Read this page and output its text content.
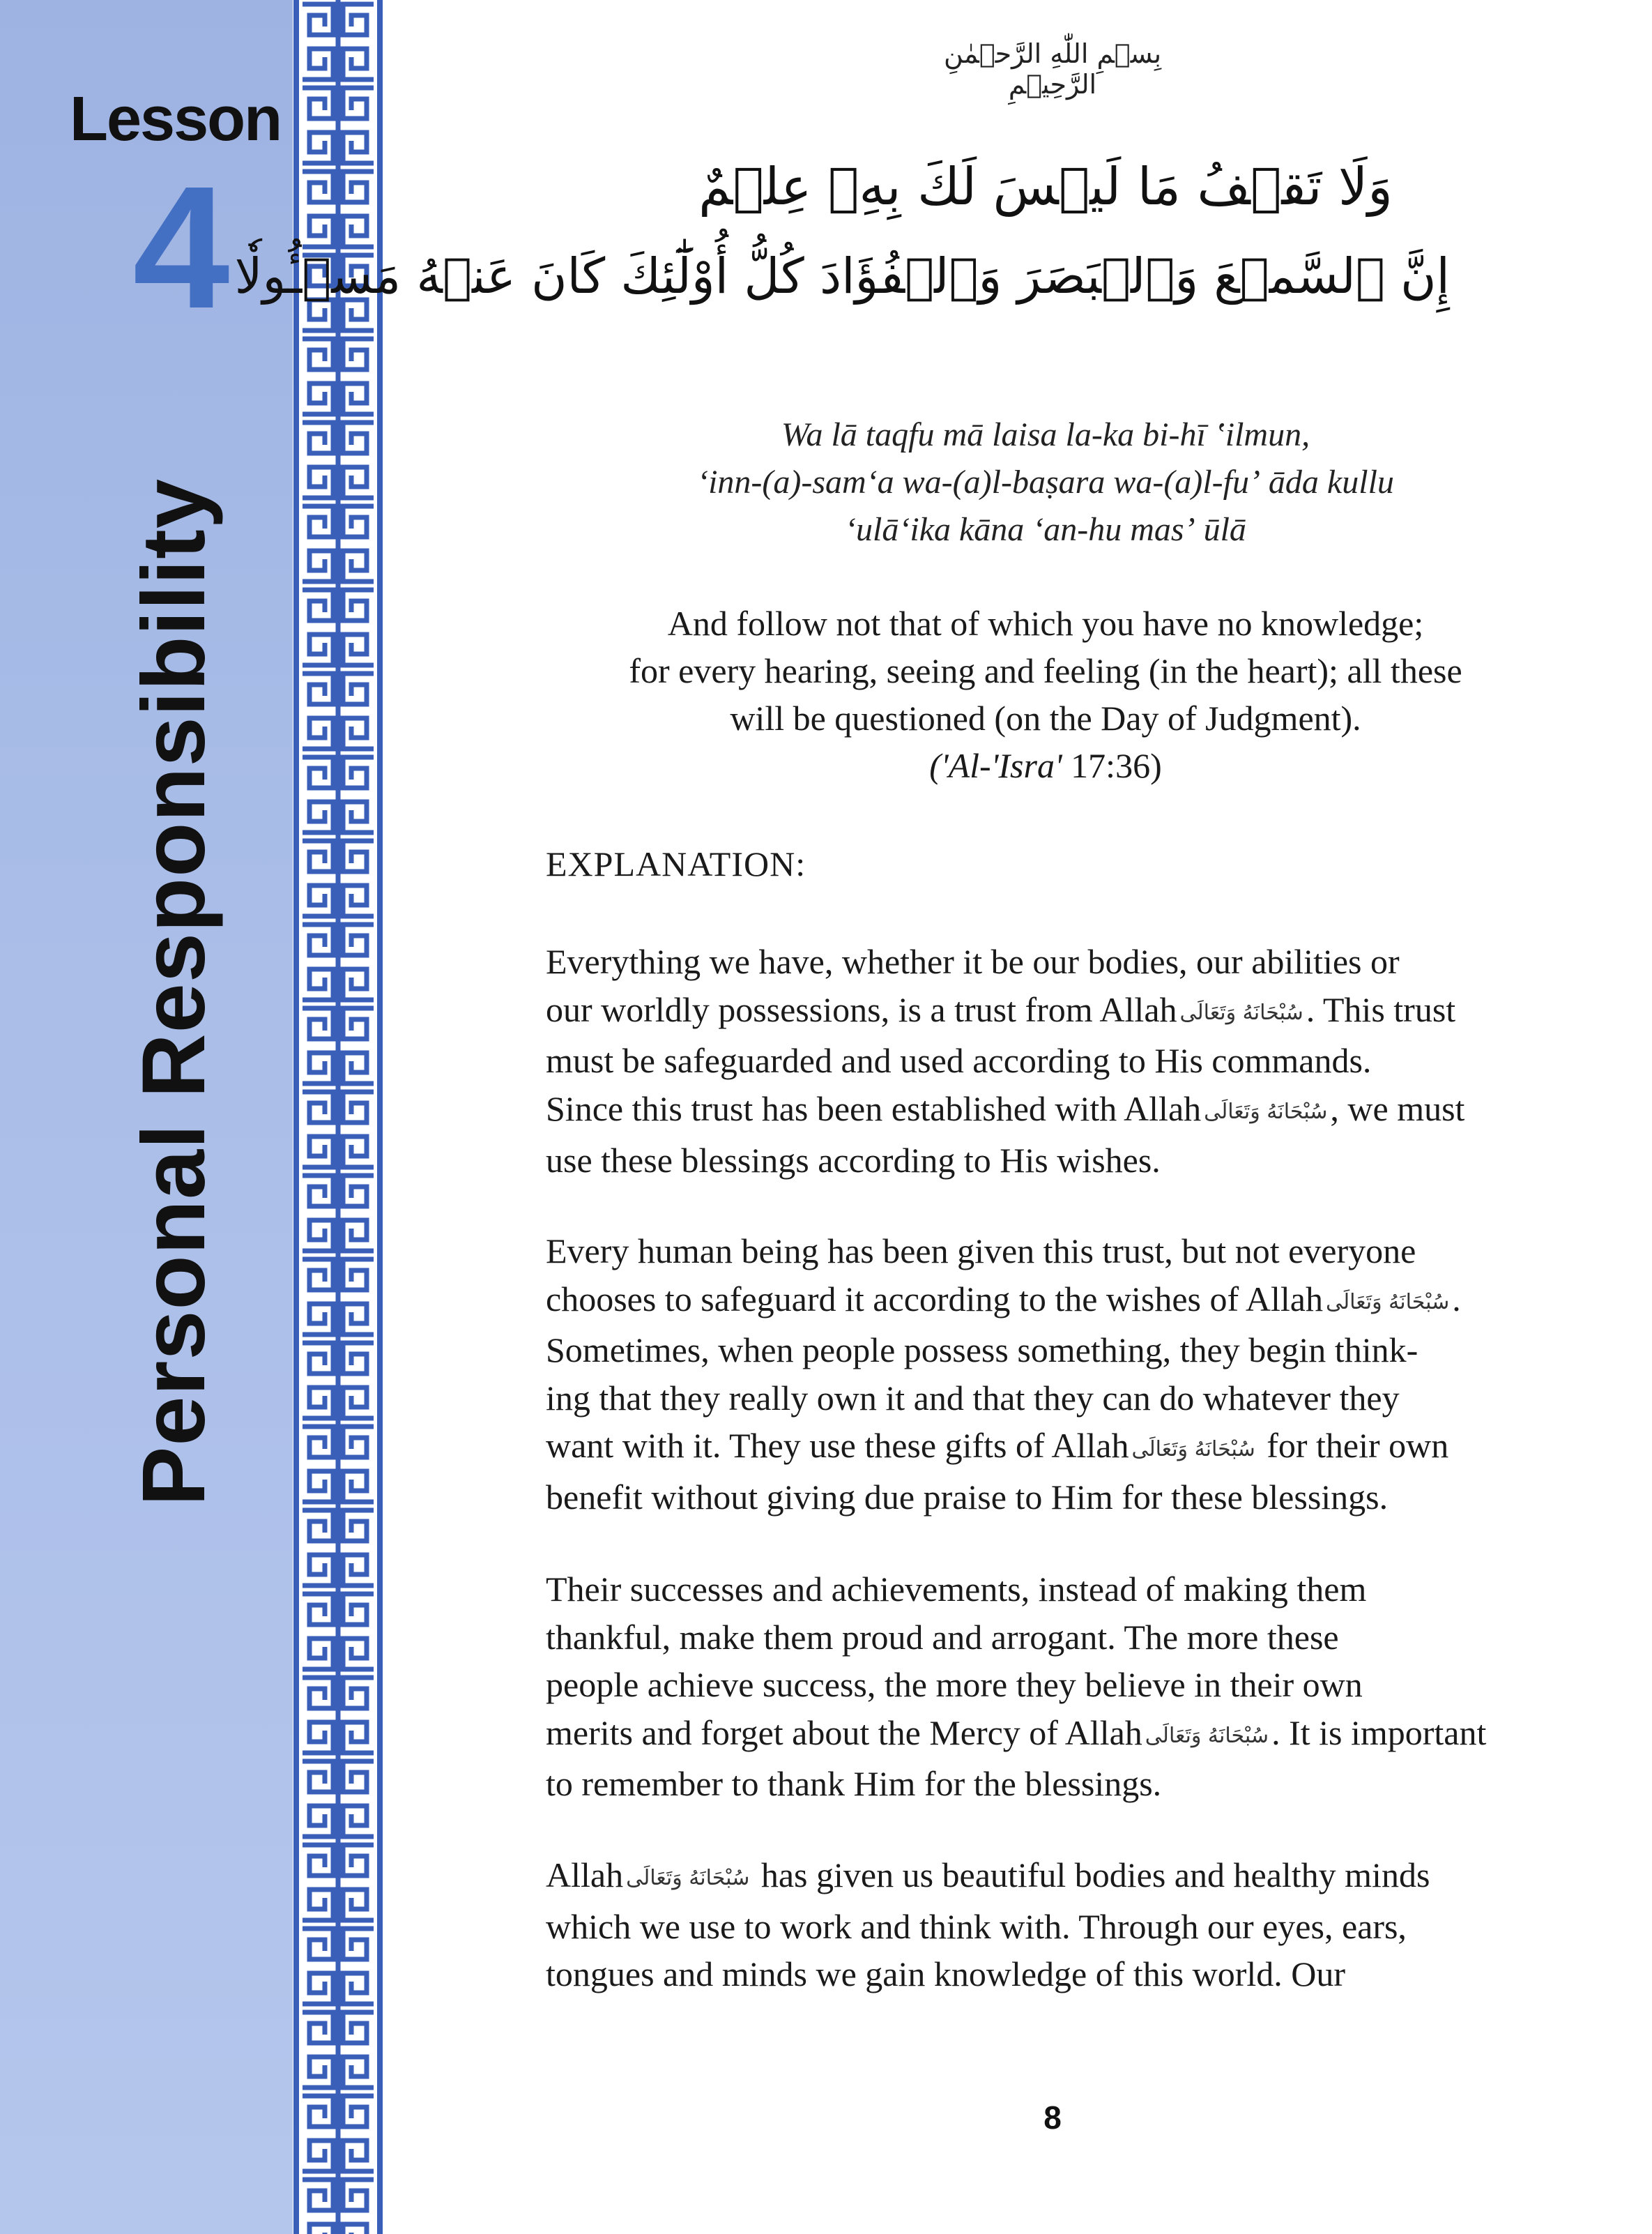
Lesson
4
Personal Responsibility
بِسۡمِ اللّٰهِ الرَّحۡمٰنِ الرَّحِيۡمِ
وَلَا تَقۡفُ مَا لَيۡسَ لَكَ بِهِۦ عِلۡمٌ
إِنَّ ٱلسَّمۡعَ وَٱلۡبَصَرَ وَٱلۡفُؤَادَ كُلُّ أُوْلَٰٓئِكَ كَانَ عَنۡهُ مَسۡـُٔولٗا
Wa lā taqfu mā laisa la-ka bi-hī ʽilmun,
ʻinn-(a)-samʻa wa-(a)l-baṣara wa-(a)l-fuʼ āda kullu
ʻulāʻika kāna ʻan-hu masʼ ūlā
And follow not that of which you have no knowledge;
for every hearing, seeing and feeling (in the heart); all these
will be questioned (on the Day of Judgment).
('Al-'Isra' 17:36)
EXPLANATION:
Everything we have, whether it be our bodies, our abilities or
our worldly possessions, is a trust from Allah سُبْحَانَهُ وَتَعَالَى. This trust
must be safeguarded and used according to His commands.
Since this trust has been established with Allah سُبْحَانَهُ وَتَعَالَى, we must
use these blessings according to His wishes.
Every human being has been given this trust, but not everyone
chooses to safeguard it according to the wishes of Allah سُبْحَانَهُ وَتَعَالَى.
Sometimes, when people possess something, they begin think-
ing that they really own it and that they can do whatever they
want with it. They use these gifts of Allah سُبْحَانَهُ وَتَعَالَى for their own
benefit without giving due praise to Him for these blessings.
Their successes and achievements, instead of making them
thankful, make them proud and arrogant. The more these
people achieve success, the more they believe in their own
merits and forget about the Mercy of Allah سُبْحَانَهُ وَتَعَالَى. It is important
to remember to thank Him for the blessings.
Allah سُبْحَانَهُ وَتَعَالَى has given us beautiful bodies and healthy minds
which we use to work and think with. Through our eyes, ears,
tongues and minds we gain knowledge of this world. Our
8
